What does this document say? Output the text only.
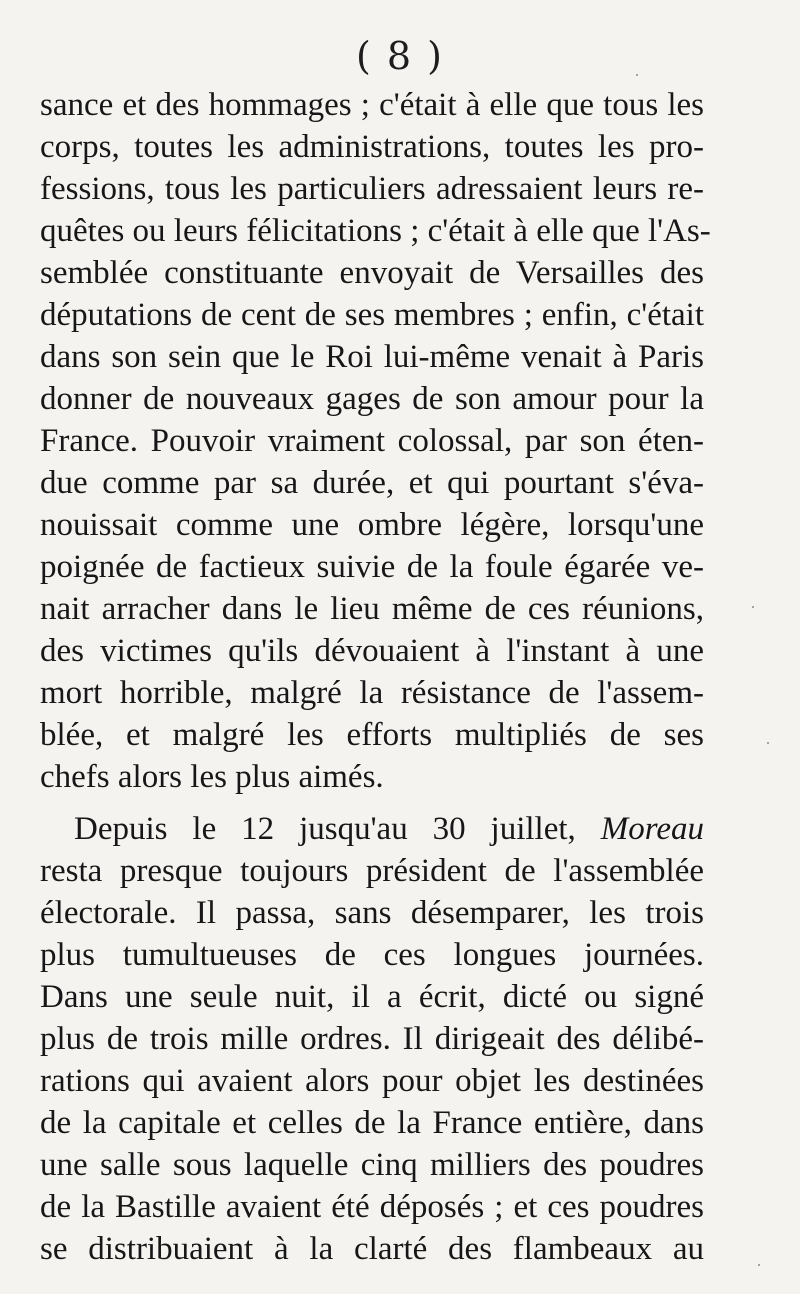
( 8 )
sance et des hommages ; c'était à elle que tous les
corps, toutes les administrations, toutes les pro-
fessions, tous les particuliers adressaient leurs re-
quêtes ou leurs félicitations ; c'était à elle que l'As-
semblée constituante envoyait de Versailles des
députations de cent de ses membres ; enfin, c'était
dans son sein que le Roi lui-même venait à Paris
donner de nouveaux gages de son amour pour la
France. Pouvoir vraiment colossal, par son éten-
due comme par sa durée, et qui pourtant s'éva-
nouissait comme une ombre légère, lorsqu'une
poignée de factieux suivie de la foule égarée ve-
nait arracher dans le lieu même de ces réunions,
des victimes qu'ils dévouaient à l'instant à une
mort horrible, malgré la résistance de l'assem-
blée, et malgré les efforts multipliés de ses
chefs alors les plus aimés.
Depuis le 12 jusqu'au 30 juillet, Moreau
resta presque toujours président de l'assemblée
électorale. Il passa, sans désemparer, les trois
plus tumultueuses de ces longues journées.
Dans une seule nuit, il a écrit, dicté ou signé
plus de trois mille ordres. Il dirigeait des délibé-
rations qui avaient alors pour objet les destinées
de la capitale et celles de la France entière, dans
une salle sous laquelle cinq milliers des poudres
de la Bastille avaient été déposés ; et ces poudres
se distribuaient à la clarté des flambeaux au
